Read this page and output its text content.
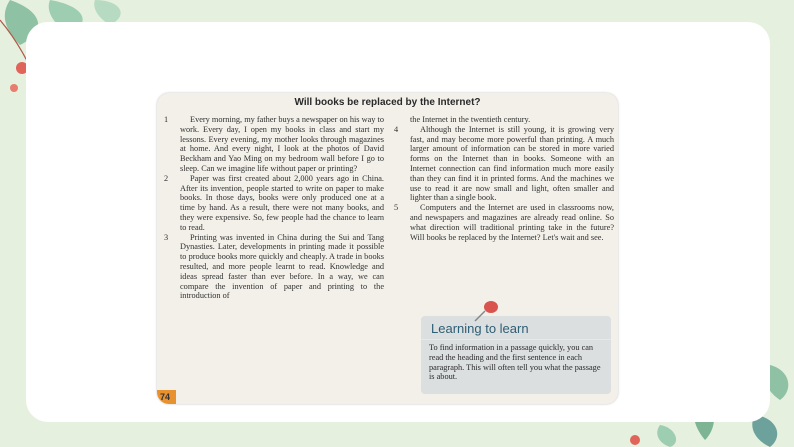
Will books be replaced by the Internet?

1	Every morning, my father buys a newspaper on his way to work. Every day, I open my books in class and start my lessons. Every evening, my mother looks through magazines at home. And every night, I look at the photos of David Beckham and Yao Ming on my bedroom wall before I go to sleep. Can we imagine life without paper or printing?

2	Paper was first created about 2,000 years ago in China. After its invention, people started to write on paper to make books. In those days, books were only produced one at a time by hand. As a result, there were not many books, and they were expensive. So, few people had the chance to learn to read.

3	Printing was invented in China during the Sui and Tang Dynasties. Later, developments in printing made it possible to produce books more quickly and cheaply. A trade in books resulted, and more people learnt to read. Knowledge and ideas spread faster than ever before. In a way, we can compare the invention of paper and printing to the introduction of

the Internet in the twentieth century.

4	Although the Internet is still young, it is growing very fast, and may become more powerful than printing. A much larger amount of information can be stored in more varied forms on the Internet than in books. Someone with an Internet connection can find information much more easily than they can find it in printed forms. And the machines we use to read it are now small and light, often smaller and lighter than a single book.

5	Computers and the Internet are used in classrooms now, and newspapers and magazines are already read online. So what direction will traditional printing take in the future? Will books be replaced by the Internet? Let's wait and see.

Learning to learn
To find information in a passage quickly, you can read the heading and the first sentence in each paragraph. This will often tell you what the passage is about.
74
